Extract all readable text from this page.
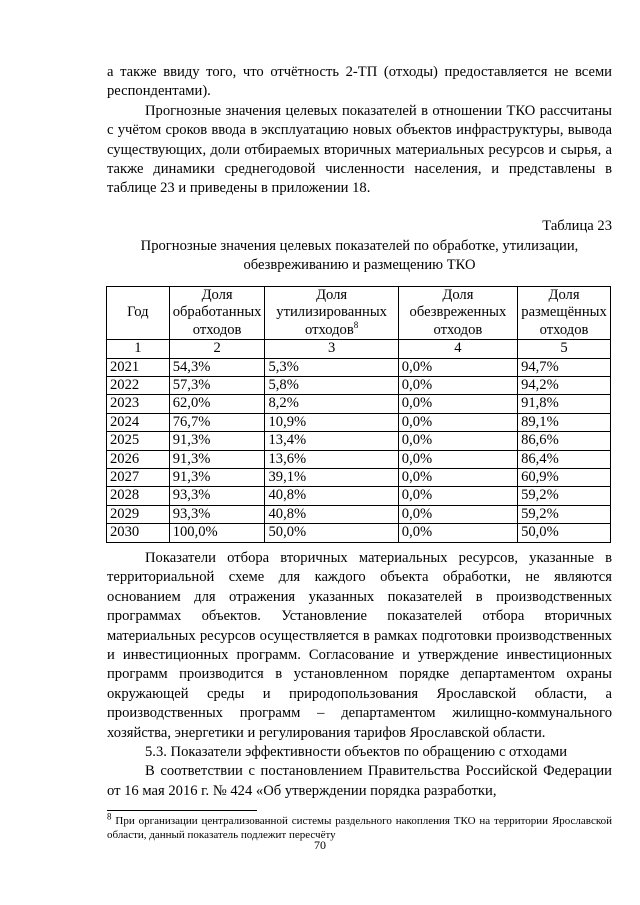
а также ввиду того, что отчётность 2-ТП (отходы) предоставляется не всеми респондентами).

Прогнозные значения целевых показателей в отношении ТКО рассчитаны с учётом сроков ввода в эксплуатацию новых объектов инфраструктуры, вывода существующих, доли отбираемых вторичных материальных ресурсов и сырья, а также динамики среднегодовой численности населения, и представлены в таблице 23 и приведены в приложении 18.

Таблица 23
Прогнозные значения целевых показателей по обработке, утилизации, обезвреживанию и размещению ТКО
Год	Доля обработанных отходов	Доля утилизированных отходов$^8$	Доля обезвреженных отходов	Доля размещённых отходов
1	2	3	4	5
2021	54,3%	5,3%	0,0%	94,7%
2022	57,3%	5,8%	0,0%	94,2%
2023	62,0%	8,2%	0,0%	91,8%
2024	76,7%	10,9%	0,0%	89,1%
2025	91,3%	13,4%	0,0%	86,6%
2026	91,3%	13,6%	0,0%	86,4%
2027	91,3%	39,1%	0,0%	60,9%
2028	93,3%	40,8%	0,0%	59,2%
2029	93,3%	40,8%	0,0%	59,2%
2030	100,0%	50,0%	0,0%	50,0%

Показатели отбора вторичных материальных ресурсов, указанные в территориальной схеме для каждого объекта обработки, не являются основанием для отражения указанных показателей в производственных программах объектов. Установление показателей отбора вторичных материальных ресурсов осуществляется в рамках подготовки производственных и инвестиционных программ. Согласование и утверждение инвестиционных программ производится в установленном порядке департаментом охраны окружающей среды и природопользования Ярославской области, а производственных программ – департаментом жилищно-коммунального хозяйства, энергетики и регулирования тарифов Ярославской области.

5.3. Показатели эффективности объектов по обращению с отходами

В соответствии с постановлением Правительства Российской Федерации от 16 мая 2016 г. № 424 «Об утверждении порядка разработки,

$^8$ При организации централизованной системы раздельного накопления ТКО на территории Ярославской области, данный показатель подлежит пересчёту
70
